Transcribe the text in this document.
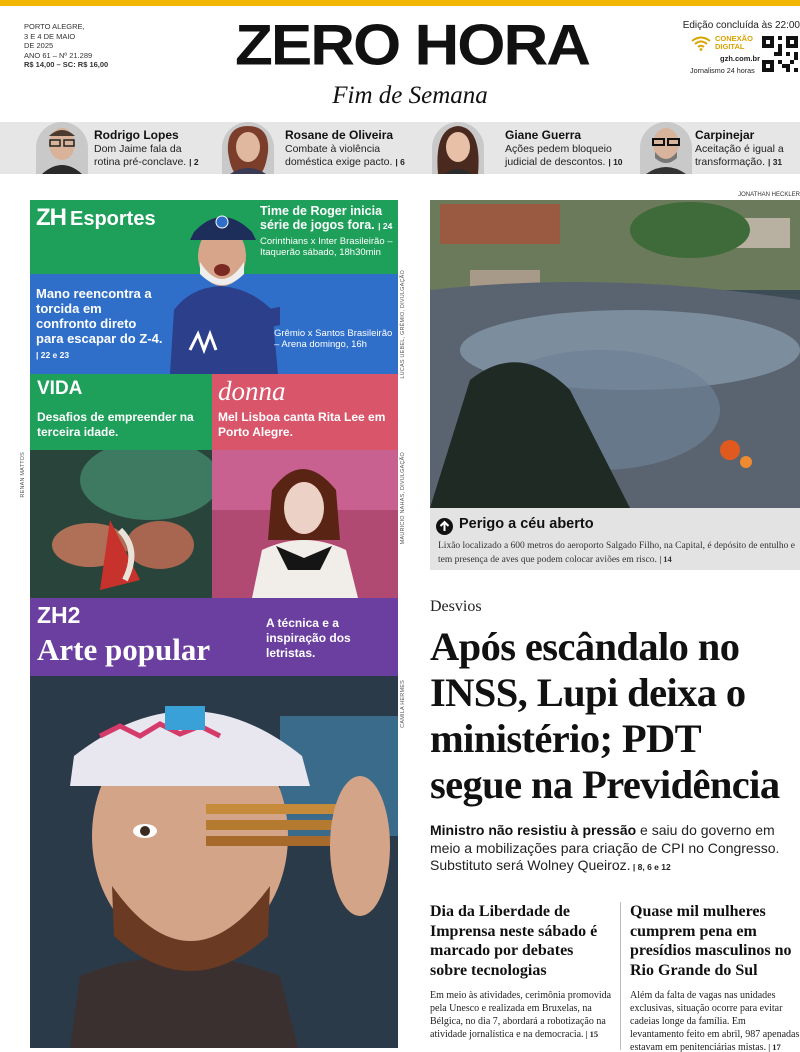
PORTO ALEGRE,
3 E 4 DE MAIO
DE 2025
ANO 61 – Nº 21.289
R$ 14,00 – SC: R$ 16,00	ZERO HORA
Fim de Semana
Edição concluída às 22:00
CONEXÃO
DIGITAL
gzh.com.br
Jornalismo 24 horas
Rodrigo Lopes
Dom Jaime fala da rotina pré-conclave. | 2
Rosane de Oliveira
Combate à violência doméstica exige pacto. | 6
Giane Guerra
Ações pedem bloqueio judicial de descontos. | 10
Carpinejar
Aceitação é igual a transformação. | 31
ZH Esportes	Time de Roger inicia série de jogos fora. | 24
Corinthians x Inter Brasileirão – Itaquerão sábado, 18h30min
Mano reencontra a torcida em confronto direto para escapar do Z-4. | 22 e 23
Grêmio x Santos Brasileirão – Arena domingo, 16h	LUCAS UEBEL, GRÊMIO, DIVULGAÇÃO
VIDA
Desafios de empreender na terceira idade.
donna
Mel Lisboa canta Rita Lee em Porto Alegre.
RENAN MATTOS	MAURICIO NAHAS, DIVULGAÇÃO
ZH2
Arte popular
A técnica e a inspiração dos letristas.
CAMILA HERMES
JONATHAN HECKLER
Perigo a céu aberto
Lixão localizado a 600 metros do aeroporto Salgado Filho, na Capital, é depósito de entulho e tem presença de aves que podem colocar aviões em risco. | 14
Desvios
Após escândalo no INSS, Lupi deixa o ministério; PDT segue na Previdência
Ministro não resistiu à pressão e saiu do governo em meio a mobilizações para criação de CPI no Congresso. Substituto será Wolney Queiroz. | 8, 6 e 12
Dia da Liberdade de Imprensa neste sábado é marcado por debates sobre tecnologias
Em meio às atividades, cerimônia promovida pela Unesco e realizada em Bruxelas, na Bélgica, no dia 7, abordará a robotização na atividade jornalística e na democracia. | 15
Quase mil mulheres cumprem pena em presídios masculinos no Rio Grande do Sul
Além da falta de vagas nas unidades exclusivas, situação ocorre para evitar cadeias longe da família. Em levantamento feito em abril, 987 apenadas estavam em penitenciárias mistas. | 17
